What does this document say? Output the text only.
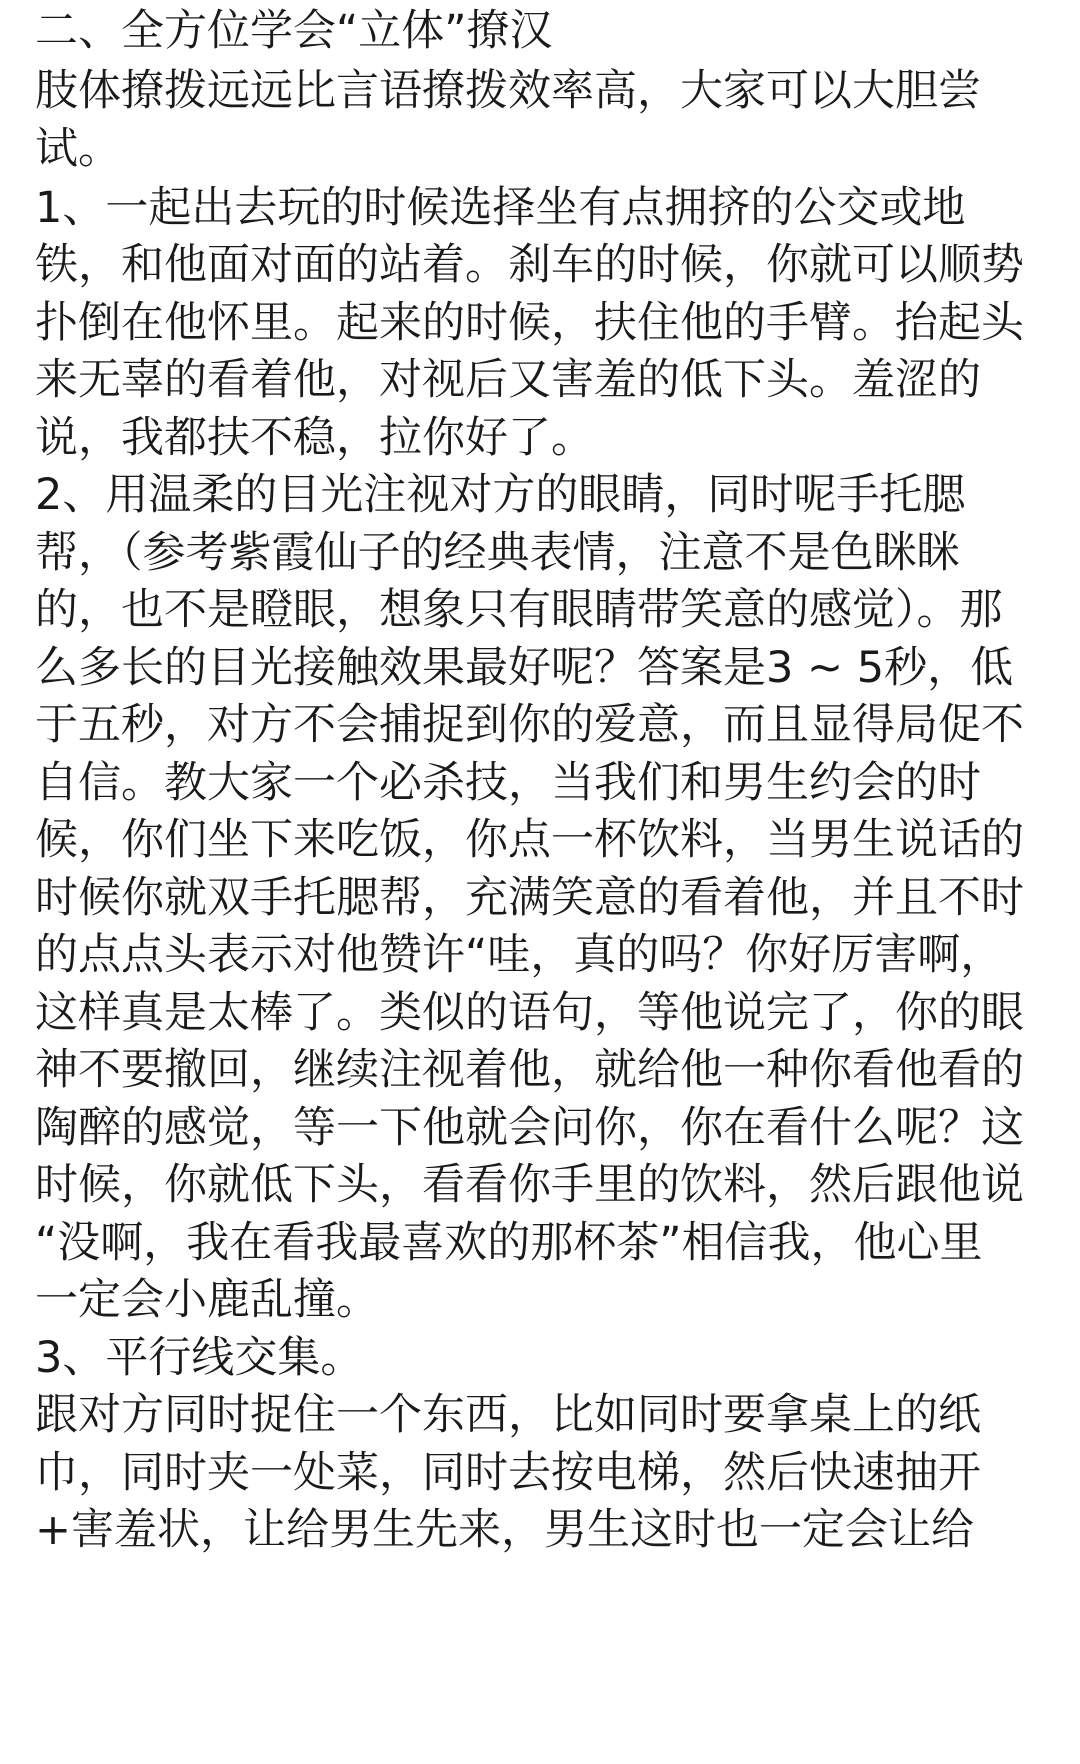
二、全方位学会“立体”撩汉
肢体撩拨远远比言语撩拨效率高，大家可以大胆尝
试。
1、一起出去玩的时候选择坐有点拥挤的公交或地
铁，和他面对面的站着。刹车的时候，你就可以顺势
扑倒在他怀里。起来的时候，扶住他的手臂。抬起头
来无辜的看着他，对视后又害羞的低下头。羞涩的
说，我都扶不稳，拉你好了。
2、用温柔的目光注视对方的眼睛，同时呢手托腮
帮，（参考紫霞仙子的经典表情，注意不是色眯眯
的，也不是瞪眼，想象只有眼睛带笑意的感觉）。那
么多长的目光接触效果最好呢？答案是3 ~ 5秒，低
于五秒，对方不会捕捉到你的爱意，而且显得局促不
自信。教大家一个必杀技，当我们和男生约会的时
候，你们坐下来吃饭，你点一杯饮料，当男生说话的
时候你就双手托腮帮，充满笑意的看着他，并且不时
的点点头表示对他赞许“哇，真的吗？你好厉害啊，
这样真是太棒了。类似的语句，等他说完了，你的眼
神不要撤回，继续注视着他，就给他一种你看他看的
陶醉的感觉，等一下他就会问你，你在看什么呢？这
时候，你就低下头，看看你手里的饮料，然后跟他说
“没啊，我在看我最喜欢的那杯茶”相信我，他心里
一定会小鹿乱撞。
3、平行线交集。
跟对方同时捉住一个东西，比如同时要拿桌上的纸
巾，同时夹一处菜，同时去按电梯，然后快速抽开
+害羞状，让给男生先来，男生这时也一定会让给
